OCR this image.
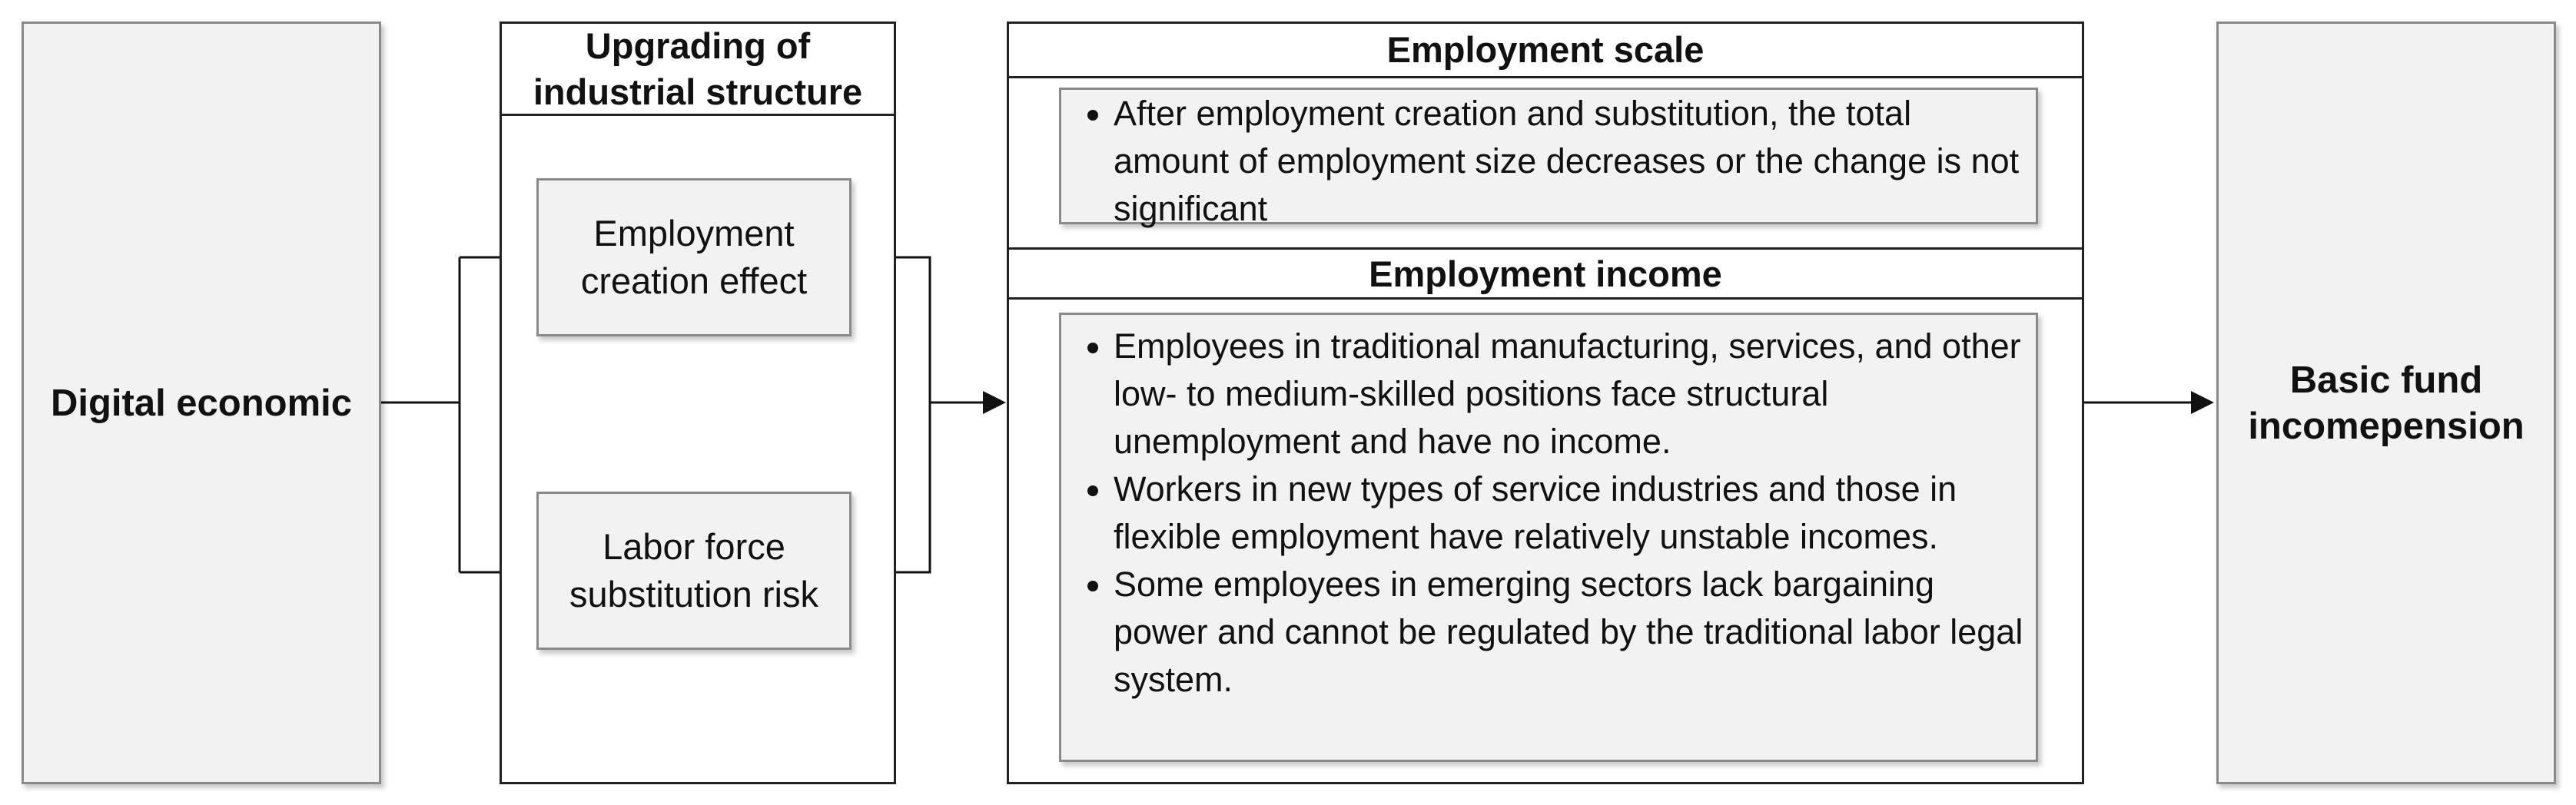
Digital economic
Upgrading of industrial structure
Employment creation effect
Labor force substitution risk
Employment scale
Employment income
• After employment creation and substitution, the total amount of employment size decreases or the change is not significant
• Employees in traditional manufacturing, services, and other low- to medium-skilled positions face structural unemployment and have no income.
• Workers in new types of service industries and those in flexible employment have relatively unstable incomes.
• Some employees in emerging sectors lack bargaining power and cannot be regulated by the traditional labor legal system.
Basic fund incomepension
